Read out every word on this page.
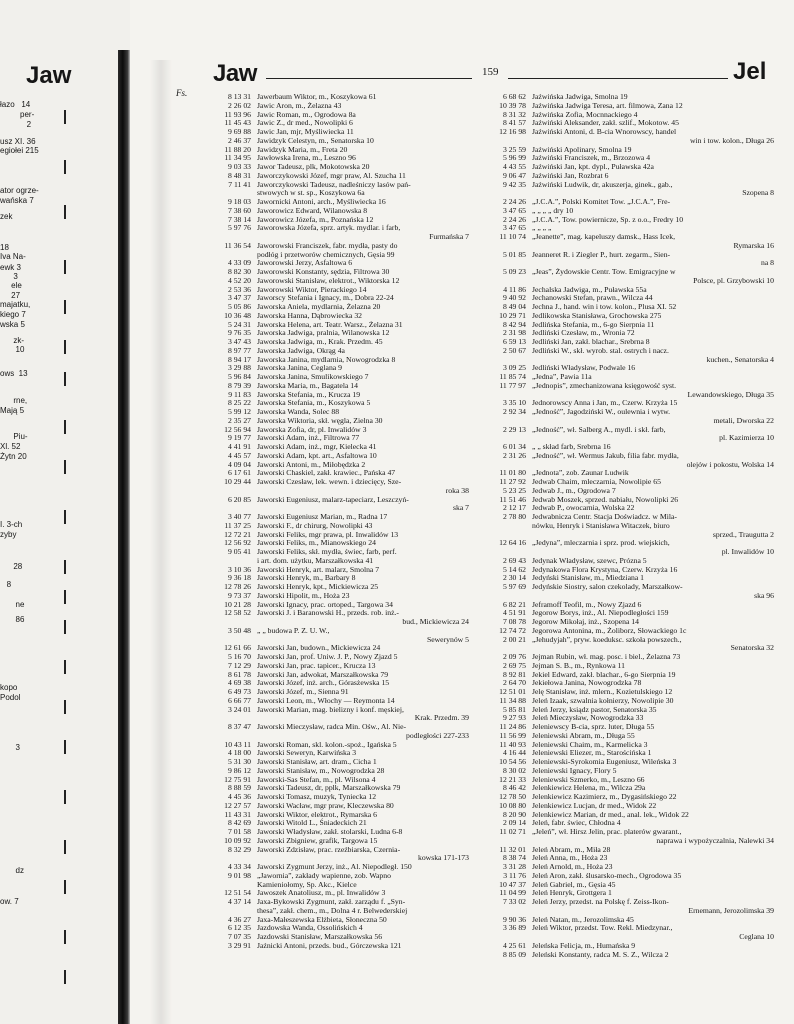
Jaw
łazo   14
per-
2
usz XI. 36
egiołei 215
ator ogrze-
wańska 7
zek
18
Iva Na-
ewk 3
3
ele
27
majatku,
kiego 7
wska 5
zk-
10
ows  13
rne,
Mają 5
Piu-
Xl. 52
Żytn 20
I. 3-ch
zyby
28
8
ne
86
kopo
Podol
3
dz
ow. 7
Fs.
Jaw	159	Jel
8 13 31 Jawerbaum Wiktor, m., Koszykowa 61
2 26 02 Jawic Aron, m., Żelazna 43
11 93 96 Jawic Roman, m., Ogrodowa 8a
11 45 43 Jawic Z., dr med., Nowolipki 6
9 69 88 Jawic Jan, mjr, Myśliwiecka 11
2 46 37 Jawidzyk Celestyn, m., Senatorska 10
11 88 20 Jawidzyk Maria, m., Freta 20
11 34 95 Jawłowska Irena, m., Leszno 96
9 03 33 Jawor Tadeusz, plk, Mokotowska 20
8 48 31 Jaworczykowski Józef, mgr praw, Al. Szucha 11
7 11 41 Jaworczykowski Tadeusz, nadleśniczy lasów pań-
stwowych w st. sp., Koszykowa 6a
9 18 03 Jawornicki Antoni, arch., Myśliwiecka 16
7 38 60 Jaworowicz Edward, Wilanowska 8
7 38 14 Jaworowicz Józefa, m., Poznańska 12
5 97 76 Jaworowska Józefa, sprz. artyk. mydlar. i farb,
Furmańska 7
11 36 54 Jaworowski Franciszek, fabr. mydła, pasty do
podłóg i przetworów chemicznych, Gęsia 99
4 33 09 Jaworowski Jerzy, Asfaltowa 6
8 82 30 Jaworowski Konstanty, sędzia, Filtrowa 30
4 52 20 Jaworowski Stanisław, elektrot., Wiktorska 12
2 53 36 Jaworowski Wiktor, Pierackiego 14
3 47 37 Jaworscy Stefania i Ignacy, m., Dobra 22-24
5 05 86 Jaworska Aniela, mydlarnia, Żelazna 20
10 36 48 Jaworska Hanna, Dąbrowiecka 32
5 24 31 Jaworska Helena, art. Teatr. Warsz., Żelazna 31
9 76 35 Jaworska Jadwiga, pralnia, Wilanowska 12
3 47 43 Jaworska Jadwiga, m., Krak. Przedm. 45
8 97 77 Jaworska Jadwiga, Okrąg 4a
8 94 17 Jaworska Janina, mydlarnia, Nowogrodzka 8
3 29 88 Jaworska Janina, Ceglana 9
5 96 84 Jaworska Janina, Smulikowskiego 7
8 79 39 Jaworska Maria, m., Bagatela 14
9 11 83 Jaworska Stefania, m., Krucza 19
8 25 22 Jaworska Stefania, m., Koszykowa 5
5 99 12 Jaworska Wanda, Solec 88
2 35 27 Jaworska Wiktoria, skł. węgla, Zielna 30
12 56 94 Jaworska Zofia, dr, pl. Inwalidów 3
9 19 77 Jaworski Adam, inż., Filtrowa 77
4 41 91 Jaworski Adam, inż., mgr, Kielecka 41
4 45 57 Jaworski Adam, kpt. art., Asfaltowa 10
4 09 04 Jaworski Antoni, m., Miłobędzka 2
6 17 61 Jaworski Chaskiel, zakł. krawiec., Pańska 47
10 29 44 Jaworski Czesław, lek. wewn. i dziecięcy, Sze-
roka 38
6 20 85 Jaworski Eugeniusz, malarz-tapeciarz, Leszczyń-
ska 7
3 40 77 Jaworski Eugeniusz Marian, m., Radna 17
11 37 25 Jaworski F., dr chirurg, Nowolipki 43
12 72 21 Jaworski Feliks, mgr prawa, pl. Inwalidów 13
12 56 92 Jaworski Feliks, m., Mianowskiego 24
9 05 41 Jaworski Feliks, skł. mydła, świec, farb, perf.
i art. dom. użytku, Marszałkowska 41
3 10 36 Jaworski Henryk, art. malarz, Smolna 7
9 36 18 Jaworski Henryk, m., Barbary 8
12 78 26 Jaworski Henryk, kpt., Mickiewicza 25
9 73 37 Jaworski Hipolit, m., Hoża 23
10 21 28 Jaworski Ignacy, prac. ortoped., Targowa 34
12 58 52 Jaworski J. i Baranowski H., przeds. rob. inż.-
bud., Mickiewicza 24
3 50 48 „ „ budowa P. Z. U. W.,
Sewerynów 5
12 61 66 Jaworski Jan, budown., Mickiewicza 24
5 16 70 Jaworski Jan, prof. Uniw. J. P., Nowy Zjazd 5
7 12 29 Jaworski Jan, prac. tapicer., Krucza 13
8 61 78 Jaworski Jan, adwokat, Marszałkowska 79
4 69 38 Jaworski Józef, inż. arch., Górasżewska 15
6 49 73 Jaworski Józef, m., Sienna 91
6 66 77 Jaworski Leon, m., Włochy — Reymonta 14
3 24 01 Jaworski Marian, mag. bielizny i konf. męskiej,
Krak. Przedm. 39
8 37 47 Jaworski Mieczysław, radca Min. Ośw., Al. Nie-
podległości 227-233
10 43 11 Jaworski Roman, skl. kolon.-spoż., Igańska 5
4 18 00 Jaworski Seweryn, Karwińska 3
5 31 30 Jaworski Stanisław, art. dram., Cicha 1
9 86 12 Jaworski Stanisław, m., Nowogrodzka 28
12 75 91 Jaworski-Sas Stefan, m., pl. Wilsona 4
8 88 59 Jaworski Tadeusz, dr, pplk, Marszałkowska 79
4 45 36 Jaworski Tomasz, muzyk, Tyniecka 12
12 27 57 Jaworski Wacław, mgr praw, Kleczewska 80
11 43 31 Jaworski Wiktor, elektrot., Rymarska 6
8 42 69 Jaworski Witold L., Śniadeckich 21
7 01 58 Jaworski Władysław, zakł. stolarski, Ludna 6-8
10 09 92 Jaworski Zbigniew, grafik, Targowa 15
8 32 29 Jaworski Zdzisław, prac. rzeźbiarska, Czernia-
kowska 171-173
4 33 34 Jaworski Zygmunt Jerzy, inż., Al. Niepodległ. 150
9 01 98 „Jawornia”, zakłady wapienne, zob. Wapno
Kamieniołomy, Sp. Akc., Kielce
12 51 54 Jawoszek Anatoliusz, m., pl. Inwalidów 3
4 37 14 Jaxa-Bykowski Zygmunt, zakł. zarządu f. „Syn-
thesa”, zakł. chem., m., Dolna 4 r. Belwederskiej
4 36 27 Jaxa-Małeszewska Elżbieta, Słoneczna 50
6 12 35 Jazdowska Wanda, Ossolińskich 4
7 07 35 Jazdowski Stanisław, Marszałkowska 56
3 29 91 Jaźnicki Antoni, przeds. bud., Górczewska 121
6 68 62 Jaźwińska Jadwiga, Smolna 19
10 39 78 Jaźwińska Jadwiga Teresa, art. filmowa, Zana 12
8 31 32 Jaźwińska Zofia, Mocnnackiego 4
8 41 57 Jaźwiński Aleksander, zakł. szlif., Mokotow. 45
12 16 98 Jaźwiński Antoni, d. B-cia Wnorowscy, handel
win i tow. kolon., Długa 26
3 25 59 Jaźwiński Apolinary, Smolna 19
5 96 99 Jaźwiński Franciszek, m., Brzozowa 4
4 43 55 Jaźwiński Jan, kpt. dypl., Puławska 42a
9 06 47 Jaźwiński Jan, Rozbrat 6
9 42 35 Jaźwiński Ludwik, dr, akuszerja, ginek., gab.,
Szopena 8
2 24 26 „J.C.A.”, Polski Komitet Tow. „J.C.A.”, Fre-
3 47 65 „ „ „ „ dry 10
2 24 26 „J.C.A.”, Tow. powiernicze, Sp. z o.o., Fredry 10
3 47 65 „ „ „ „
11 10 74 „Jeanette”, mag. kapeluszy damsk., Hass Icek,
Rymarska 16
5 01 85 Jeanneret R. i Ziegler P., hurt. zegarm., Sien-
na 8
5 09 23 „Jeas”, Żydowskie Centr. Tow. Emigracyjne w
Polsce, pl. Grzybowski 10
4 11 86 Jechalska Jadwiga, m., Puławska 55a
9 40 92 Jechanowski Stefan, prawn., Wilcza 44
8 49 04 Jechna J., hand. win i tow. kolon., Plusa XI. 52
10 29 71 Jedlikowska Stanisława, Grochowska 275
8 42 94 Jedlińska Stefania, m., 6-go Sierpnia 11
2 31 98 Jedliński Czesław, m., Wronia 72
6 59 13 Jedliński Jan, zakł. blachar., Srebrna 8
2 50 67 Jedliński W., skł. wyrob. stal. ostrych i nacz.
kuchen., Senatorska 4
3 09 25 Jedliński Władysław, Podwale 16
11 85 74 „Jedna”, Pawia 11a
11 77 97 „Jednopis”, zmechanizowana księgowość syst.
Lewandowskiego, Długa 35
3 35 10 Jednorowscy Anna i Jan, m., Czerw. Krzyża 15
2 92 34 „Jedność”, Jagodziński W., oulewnia i wytw.
metali, Dworska 22
2 29 13 „Jedność”, wł. Salberg A., mydl. i skł. farb,
pl. Kazimierza 10
6 01 34 „ „ skład farb, Srebrna 16
2 31 26 „Jedność”, wł. Wermus Jakub, filia fabr. mydła,
olejów i pokostu, Wolska 14
11 01 80 „Jednota”, zob. Zaunar Ludwik
11 27 92 Jedwab Chaim, mleczarnia, Nowolipie 65
5 23 25 Jedwab J., m., Ogrodowa 7
11 51 46 Jedwab Moszek, sprzed. nabiału, Nowolipki 26
2 12 17 Jedwab P., owocarnia, Wolska 22
2 78 80 Jedwabnicza Centr. Stacja Doświadcz. w Mila-
nówku, Henryk i Stanisława Witaczek, biuro
sprzed., Traugutta 2
12 64 16 „Jedyna”, mleczarnia i sprz. prod. wiejskich,
pl. Inwalidów 10
2 69 43 Jedynak Władysław, szewc, Prózna 5
5 14 62 Jedynakowa Flora Krystyna, Czerw. Krzyża 16
2 30 14 Jedyński Stanisław, m., Miedziana 1
5 97 69 Jedyńskie Siostry, salon czekolady, Marszałkow-
ska 96
6 82 21 Jeframoff Teofil, m., Nowy Zjazd 6
4 51 91 Jegorow Borys, inż., Al. Niepodległości 159
7 08 78 Jegorow Mikołaj, inż., Szopena 14
12 74 72 Jegorowa Antonina, m., Żoliborz, Słowackiego 1c
2 00 21 „Jehudyjah”, pryw. koeduksc. szkoła powszech.,
Senatorska 32
2 09 76 Jejman Rubin, wł. mag. posc. i biel., Żelazna 73
2 69 75 Jejman S. B., m., Rynkowa 11
8 92 81 Jekiel Edward, zakł. blachar., 6-go Sierpnia 19
2 64 70 Jekiełowa Janina, Nowogrodzka 78
12 51 01 Jelę Stanisław, inż. mlern., Kozietulskiego 12
11 34 88 Jeleń Izaak, szwalnia kołnierzy, Nowolipie 30
5 85 81 Jeleń Jerzy, ksiądz pastor, Senatorska 35
9 27 93 Jeleń Mieczysław, Nowogrodzka 33
11 24 86 Jeleniewscy B-cia, sprz. luter, Długa 55
11 56 99 Jeleniewski Abram, m., Długa 55
11 40 93 Jeleniewski Chaim, m., Karmelicka 3
4 16 44 Jeleniewski Eliezer, m., Starościńska 1
10 54 56 Jeleniewski-Syrokomia Eugeniusz, Wileńska 3
8 30 02 Jeleniewski Ignacy, Flory 5
12 21 33 Jeleniewski Szmerko, m., Leszno 66
8 46 42 Jelenkiewicz Helena, m., Wilcza 29a
12 78 50 Jelenkiewicz Kazimierz, m., Dygasińskiego 22
10 08 80 Jelenkiewicz Lucjan, dr med., Widok 22
8 20 90 Jelenkiewicz Marian, dr med., anal. lek., Widok 22
2 09 14 Jeleń, fabr. świec, Chłodna 4
11 02 71 „Jeleń”, wł. Hirsz Jelin, prac. platerów gwarant.,
naprawa i wypożyczalnia, Nalewki 34
11 32 01 Jeleń Abram, m., Miła 28
8 38 74 Jeleń Anna, m., Hoża 23
3 31 28 Jeleń Arnold, m., Hoża 23
3 11 76 Jeleń Aron, zakł. ślusarsko-mech., Ogrodowa 35
10 47 37 Jeleń Gabriel, m., Gęsia 45
11 04 99 Jeleń Henryk, Grottgera 1
7 33 02 Jeleń Jerzy, przedst. na Polskę f. Zeiss-Ikon-
Ernemann, Jerozolimska 39
9 90 36 Jeleń Natan, m., Jerozolimska 45
3 36 89 Jeleń Wiktor, przedst. Tow. Rekl. Miedzynar.,
Ceglana 10
4 25 61 Jeleńska Felicja, m., Humańska 9
8 85 09 Jeleński Konstanty, radca M. S. Z., Wilcza 2
